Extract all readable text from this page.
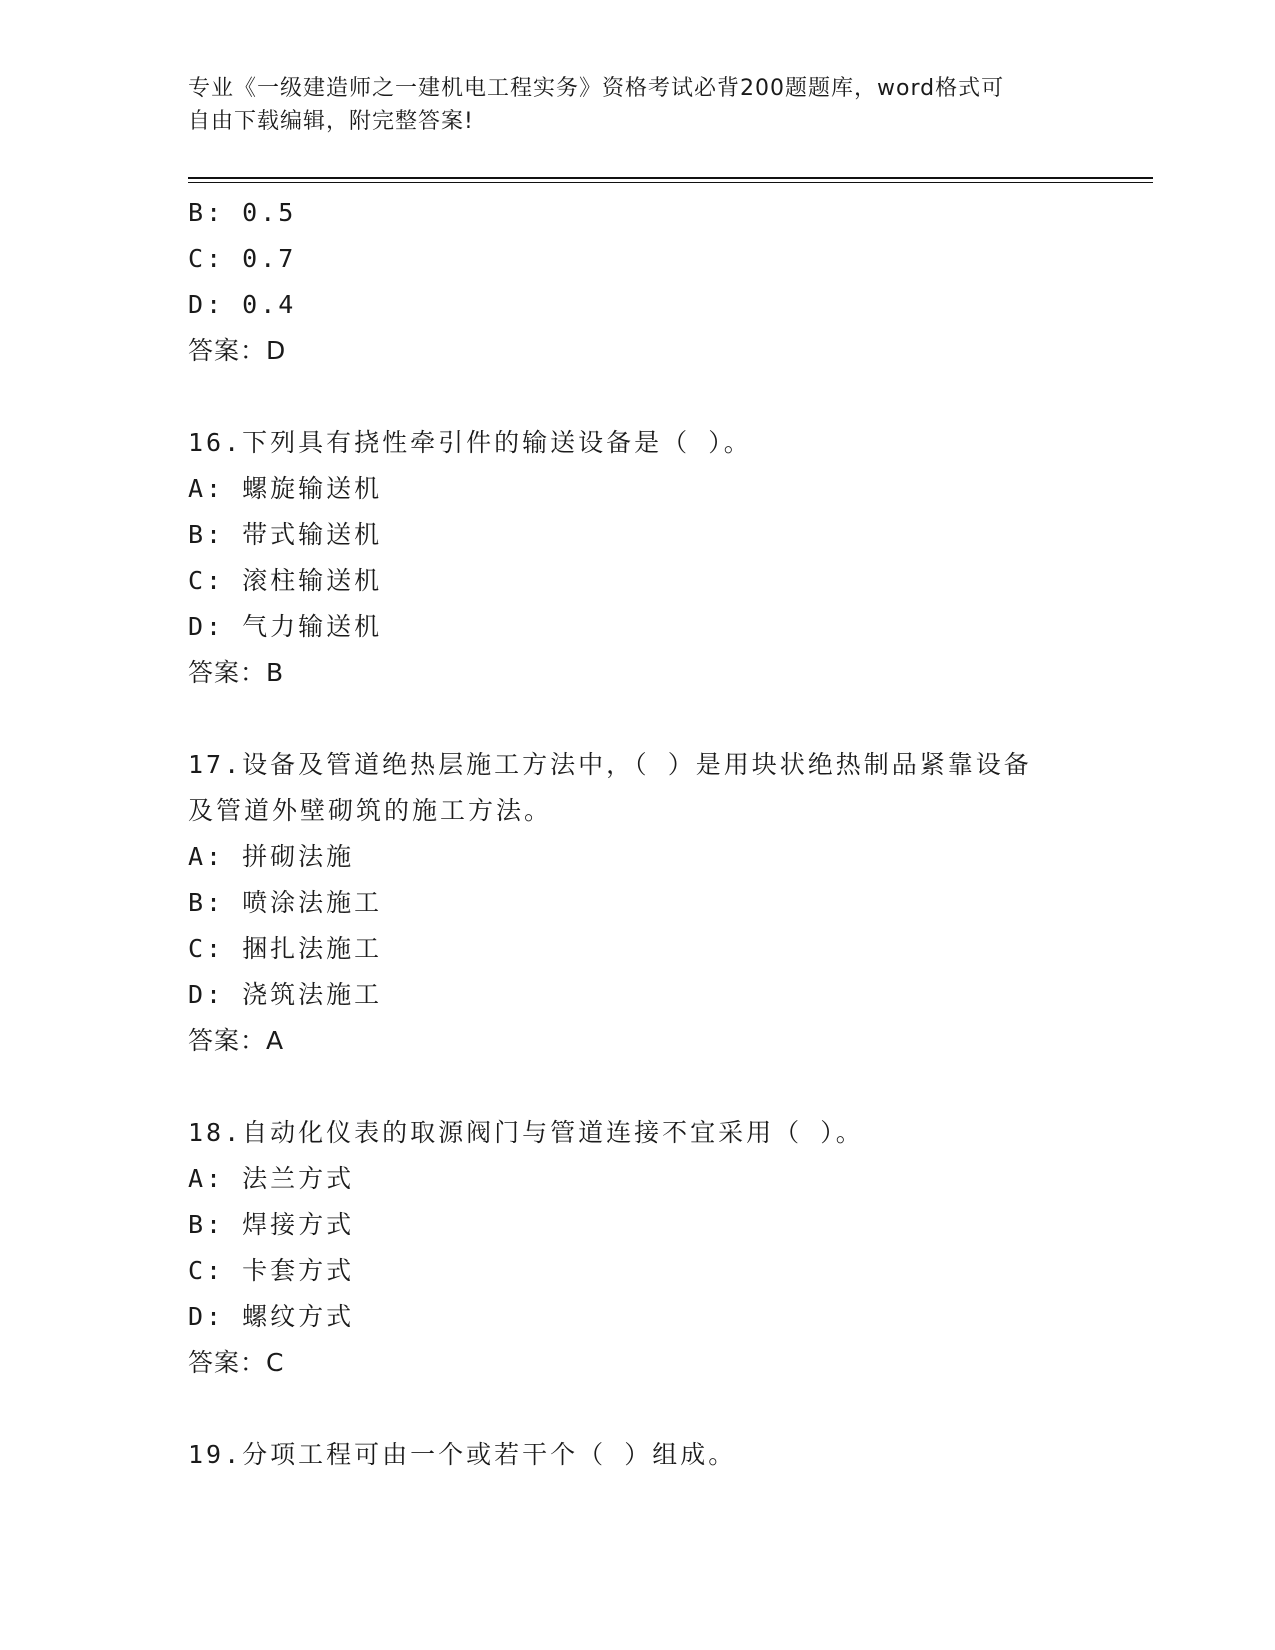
专业《一级建造师之一建机电工程实务》资格考试必背200题题库，word格式可
自由下载编辑，附完整答案!
B: 0.5
C: 0.7
D: 0.4
答案：D
16.下列具有挠性牵引件的输送设备是（ ）。
A: 螺旋输送机
B: 带式输送机
C: 滚柱输送机
D: 气力输送机
答案：B
17.设备及管道绝热层施工方法中，（ ）是用块状绝热制品紧靠设备
及管道外壁砌筑的施工方法。
A: 拼砌法施
B: 喷涂法施工
C: 捆扎法施工
D: 浇筑法施工
答案：A
18.自动化仪表的取源阀门与管道连接不宜采用（ ）。
A: 法兰方式
B: 焊接方式
C: 卡套方式
D: 螺纹方式
答案：C
19.分项工程可由一个或若干个（ ）组成。
